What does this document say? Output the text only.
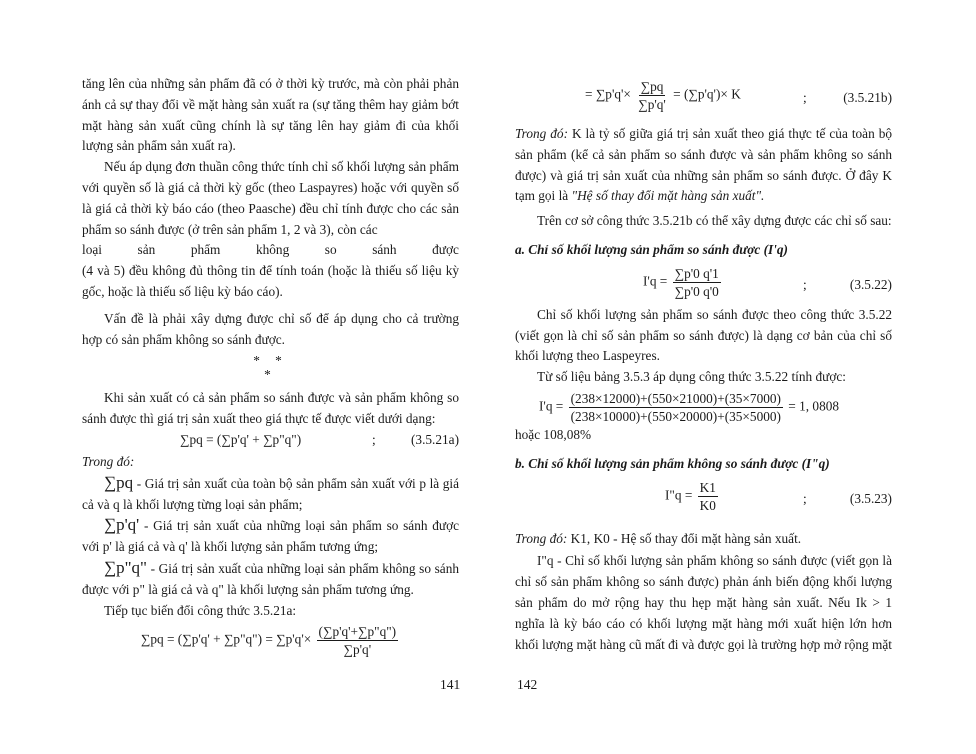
tăng lên của những sản phẩm đã có ở thời kỳ trước, mà còn phải phản ánh cả sự thay đổi về mặt hàng sản xuất ra (sự tăng thêm hay giảm bớt mặt hàng sản xuất cũng chính là sự tăng lên hay giảm đi của khối lượng sản phẩm sản xuất ra).

Nếu áp dụng đơn thuần công thức tính chỉ số khối lượng sản phẩm với quyền số là giá cả thời kỳ gốc (theo Laspayres) hoặc với quyền số là giá cả thời kỳ báo cáo (theo Paasche) đều chỉ tính được cho các sản phẩm so sánh được (ở trên sản phẩm 1, 2 và 3), còn các

loại	sản	phẩm	không	so	sánh	được

(4 và 5) đều không đủ thông tin để tính toán (hoặc là thiếu số liệu kỳ gốc, hoặc là thiếu số liệu kỳ báo cáo).

Vấn đề là phải xây dựng được chỉ số để áp dụng cho cả trường hợp có sản phẩm không so sánh được.

* *
*

Khi sản xuất có cả sản phẩm so sánh được và sản phẩm không so sánh được thì giá trị sản xuất theo giá thực tế được viết dưới dạng:

∑pq = (∑p'q' + ∑p"q")	;	(3.5.21a)

Trong đó:

∑pq - Giá trị sản xuất của toàn bộ sản phẩm sản xuất với p là giá cả và q là khối lượng từng loại sản phẩm;

∑p'q' - Giá trị sản xuất của những loại sản phẩm so sánh được với p' là giá cả và q' là khối lượng sản phẩm tương ứng;

∑p"q" - Giá trị sản xuất của những loại sản phẩm không so sánh được với p" là giá cả và q" là khối lượng sản phẩm tương ứng.

Tiếp tục biến đổi công thức 3.5.21a:

∑pq = (∑p'q' + ∑p"q") = $\sum p'q'\times \frac{(\sum p'q'+\sum p"q")}{\sum p'q'}$
141
= $\sum p'q'\times \frac{\sum pq}{\sum p'q'} = (\sum p'q')\times K$	;	(3.5.21b)

Trong đó: K là tỷ số giữa giá trị sản xuất theo giá thực tế của toàn bộ sản phẩm (kể cả sản phẩm so sánh được và sản phẩm không so sánh được) và giá trị sản xuất của những sản phẩm so sánh được. Ở đây K tạm gọi là "Hệ số thay đổi mặt hàng sản xuất".

Trên cơ sở công thức 3.5.21b có thể xây dựng được các chỉ số sau:

a. Chỉ số khối lượng sản phẩm so sánh được (I'q)

$I'q = \frac{\sum p'0 q'1}{\sum p'0 q'0}$	;	(3.5.22)

Chỉ số khối lượng sản phẩm so sánh được theo công thức 3.5.22 (viết gọn là chỉ số sản phẩm so sánh được) là dạng cơ bản của chỉ số khối lượng theo Laspeyres.

Từ số liệu bảng 3.5.3 áp dụng công thức 3.5.22 tính được:

$I'q = \frac{(238\times 12000)+(550\times 21000)+(35\times 7000)}{(238\times 10000)+(550\times 20000)+(35\times 5000)} = 1$, 0808

hoặc 108,08%

b. Chỉ số khối lượng sản phẩm không so sánh được (I"q)

I"q = $\frac{K1}{K0}$	;	(3.5.23)

Trong đó: K1, K0 - Hệ số thay đổi mặt hàng sản xuất.

I"q - Chỉ số khối lượng sản phẩm không so sánh được (viết gọn là chỉ số sản phẩm không so sánh được) phản ánh biến động khối lượng sản phẩm do mở rộng hay thu hẹp mặt hàng sản xuất. Nếu Ik > 1 nghĩa là kỳ báo cáo có khối lượng mặt hàng mới xuất hiện lớn hơn khối lượng mặt hàng cũ mất đi và được gọi là trường hợp mở rộng mặt

142
